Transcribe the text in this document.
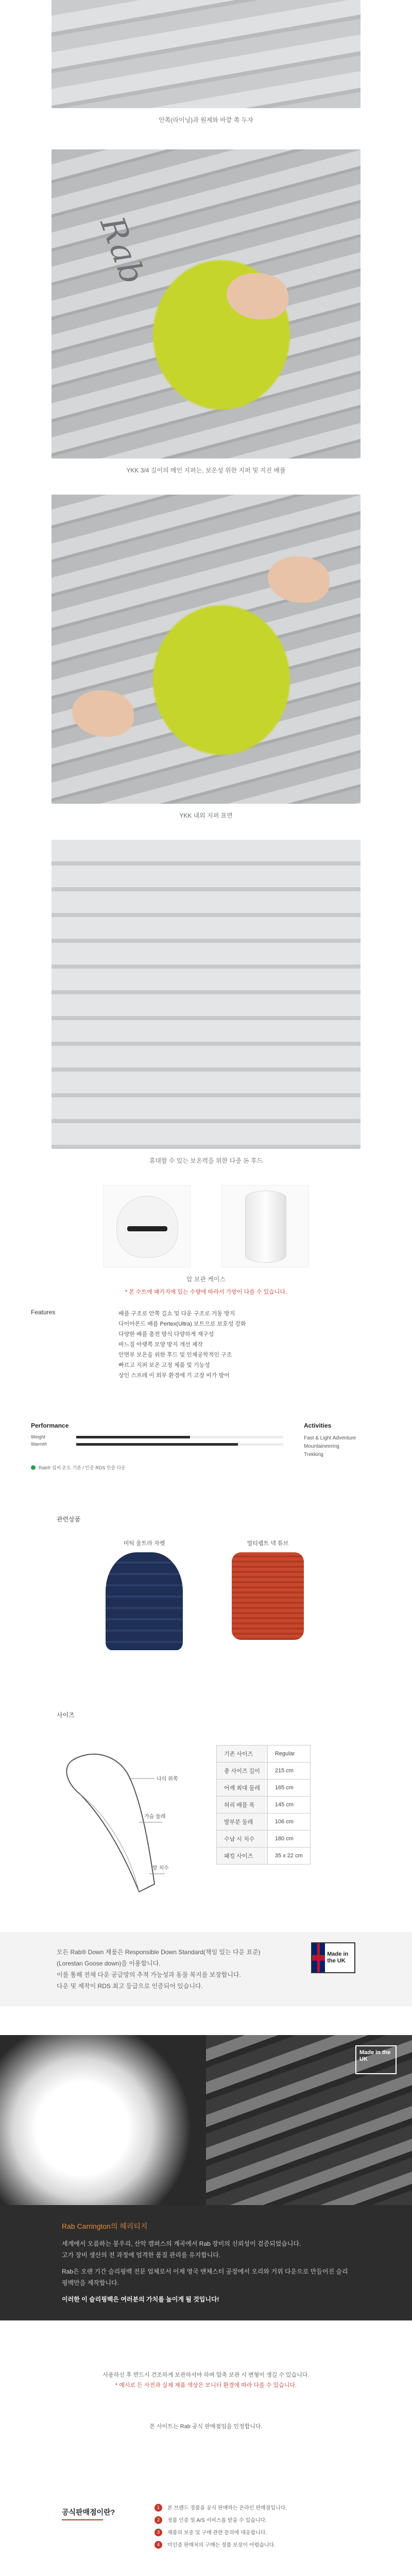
안쪽(라이닝)과 원제와 바깥 쪽 두자

Rab

YKK 3/4 길이의 메인 지퍼는, 보온성 위한 지퍼 및 지진 배플

YKK 내외 지퍼 표면

휴대할 수 있는 보온력을 위한 다중 돈 후드

압 보관 케이스

* 본 수트에 패키지에 있는 수량에 따라서 가방이 다를 수 있습니다.

Features	배플 구조로 안쪽 길쇼 및 다운 구조로 거동 방지
다이아몬드 배플 Pertex(Ultra) 보트으로 보호성 강화
다양한 배플 충전 방식 다양하게 재구성
바느질 아랫쪽 모양 방지 개선 제작
안면부 보온을 위한 후드 및 인체공학적인 구조
빠르고 지퍼 보온 고정 제품 및 기능성
상인 스프레 이 외부 환경에 기 고장 비가 방어
Performance
Weight
Warmth
Activities
Fast & Light Adventure
Mountaineering
Trekking
Rab® 섭씨 온도 기준 / 인증 RDS 인증 다운
관련상품
미틱 울트라 자켓	멀티랩트 넥 튜브
사이즈
나의 위쪽
가슴 둘레
발 치수
기존 사이즈	Regular
총 사이즈 길이	215 cm
어깨 최대 둘레	165 cm
허리 배플 폭	145 cm
발부분 둘레	106 cm
수납 시 치수	180 cm
패킹 사이즈	35 x 22 cm

모든 Rab® Down 제품은 Responsible Down Standard(책임 있는 다운 표준)

(Lorestan Goose down)을 이용합니다.

이를 통해 전체 다운 공급망의 추적 가능성과 동물 복지를 보장합니다.

다운 및 제작이 RDS 최고 등급으로 인증되어 있습니다.

Made in the UK
Made in the UK
Rab Carrington의 헤리티지

세계에서 오름하는 봉우리, 산악 캠퍼스의 계곡에서 Rab 장비의 신뢰성이 검증되었습니다.

고가 장비 생산의 전 과정에 엄격한 품질 관리를 유지합니다.

Rab은 오랜 기간 슬리핑백 전문 업체로서 이제 영국 맨체스터 공장에서 오리와 거위 다운으로 만들어진 슬리핑백만을 제작합니다.

이러한 이 슬리핑백은 여러분의 가치를 높이게 될 것입니다!

사용하신 후 반드시 건조하게 보관하셔야 하며 압축 보관 시 변형이 생길 수 있습니다.

* 예시로 든 사진과 실제 제품 색상은 모니터 환경에 따라 다를 수 있습니다.

본 사이트는 Rab 공식 판매점임을 인정합니다.

공식판매점이란?
1	본 브랜드 정품을 공식 판매하는 온라인 판매점입니다.
2	정품 인증 및 A/S 서비스를 받을 수 있습니다.
3	제품의 보증 및 구매 관련 문의에 대응합니다.
4	미인증 판매처의 구매는 정품 보장이 어렵습니다.
